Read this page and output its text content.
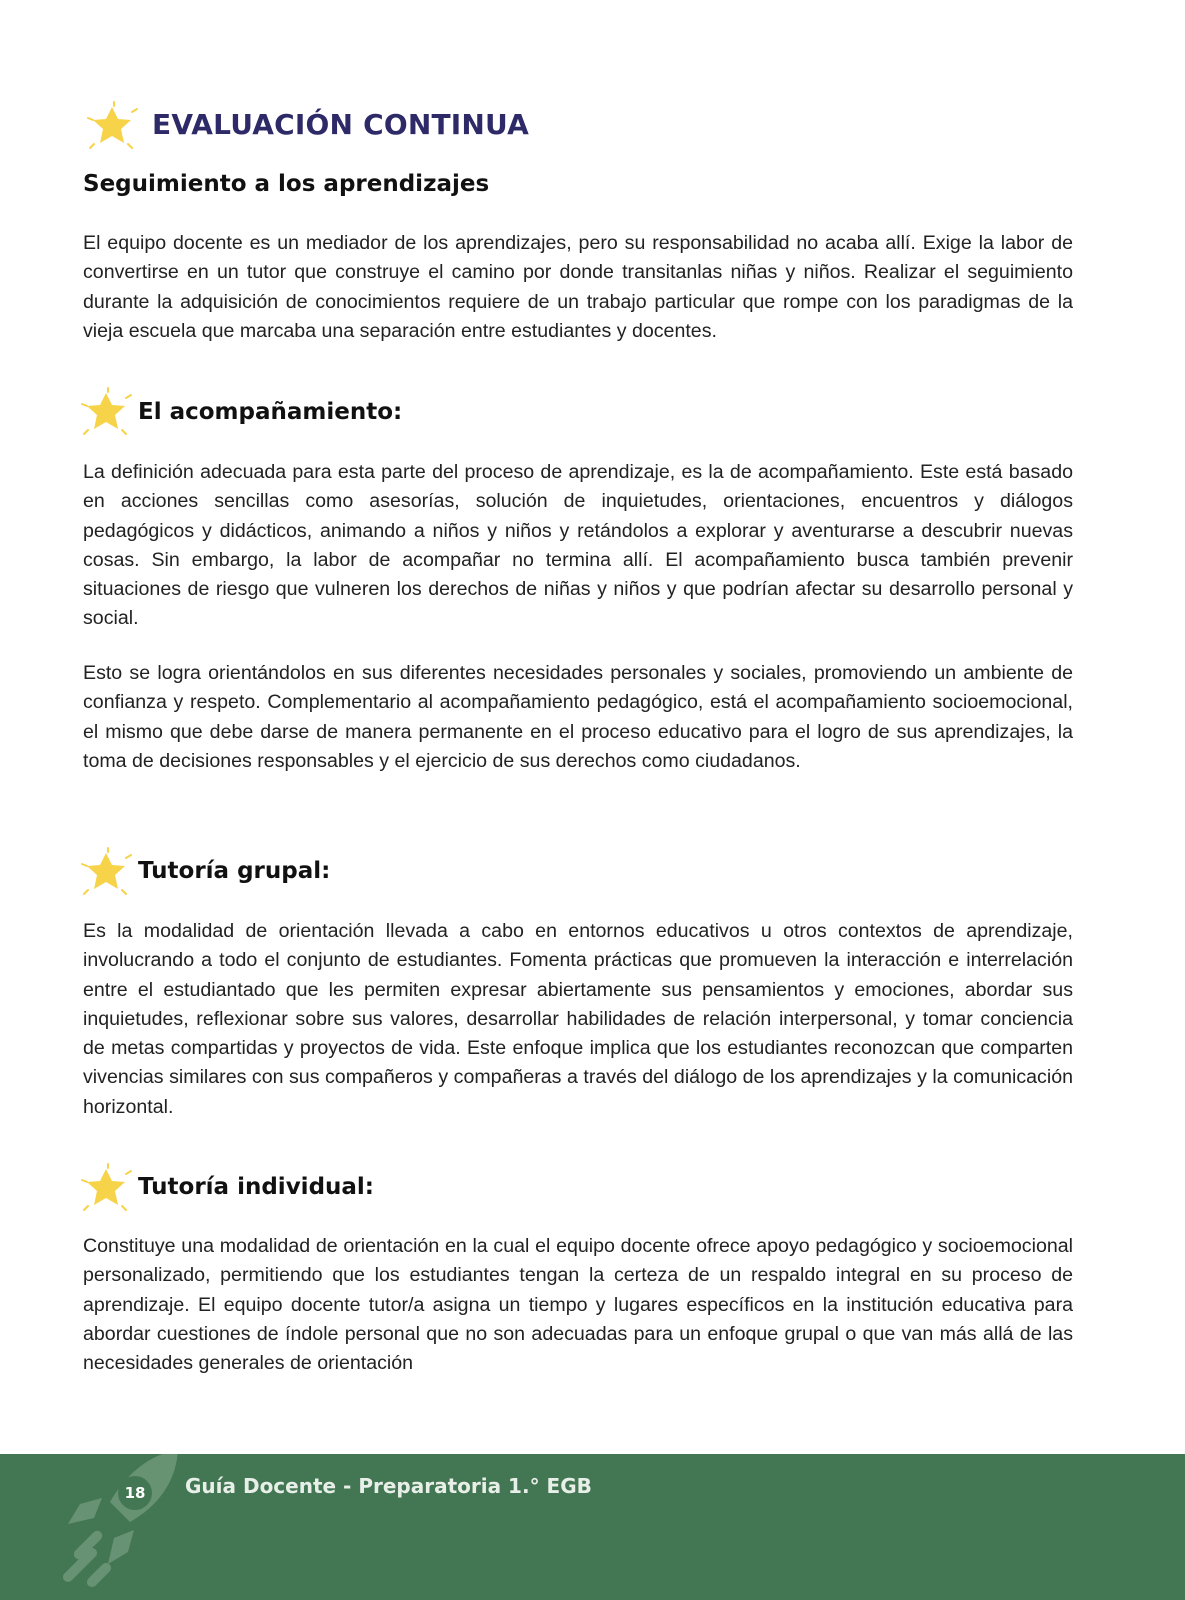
EVALUACIÓN CONTINUA
Seguimiento a los aprendizajes

El equipo docente es un mediador de los aprendizajes, pero su responsabilidad no acaba allí. Exige la labor de convertirse en un tutor que construye el camino por donde transitanlas niñas y niños. Realizar el seguimiento durante la adquisición de conocimientos requiere de un trabajo particular que rompe con los paradigmas de la vieja escuela que marcaba una separación entre estudiantes y docentes.

El acompañamiento:

La definición adecuada para esta parte del proceso de aprendizaje, es la de acompañamiento. Este está basado en acciones sencillas como asesorías, solución de inquietudes, orientaciones, encuentros y diálogos pedagógicos y didácticos, animando a niños y niños y retándolos a explorar y aventurarse a descubrir nuevas cosas. Sin embargo, la labor de acompañar no termina allí. El acompañamiento busca también prevenir situaciones de riesgo que vulneren los derechos de niñas y niños y que podrían afectar su desarrollo personal y social.

Esto se logra orientándolos en sus diferentes necesidades personales y sociales, promoviendo un ambiente de confianza y respeto. Complementario al acompañamiento pedagógico, está el acompañamiento socioemocional, el mismo que debe darse de manera permanente en el proceso educativo para el logro de sus aprendizajes, la toma de decisiones responsables y el ejercicio de sus derechos como ciudadanos.

Tutoría grupal:

Es la modalidad de orientación llevada a cabo en entornos educativos u otros contextos de aprendizaje, involucrando a todo el conjunto de estudiantes. Fomenta prácticas que promueven la interacción e interrelación entre el estudiantado que les permiten expresar abiertamente sus pensamientos y emociones, abordar sus inquietudes, reflexionar sobre sus valores, desarrollar habilidades de relación interpersonal, y tomar conciencia de metas compartidas y proyectos de vida. Este enfoque implica que los estudiantes reconozcan que comparten vivencias similares con sus compañeros y compañeras a través del diálogo de los aprendizajes y la comunicación horizontal.

Tutoría individual:

Constituye una modalidad de orientación en la cual el equipo docente ofrece apoyo pedagógico y socioemocional personalizado, permitiendo que los estudiantes tengan la certeza de un respaldo integral en su proceso de aprendizaje. El equipo docente tutor/a asigna un tiempo y lugares específicos en la institución educativa para abordar cuestiones de índole personal que no son adecuadas para un enfoque grupal o que van más allá de las necesidades generales de orientación

18	Guía Docente - Preparatoria 1.° EGB
